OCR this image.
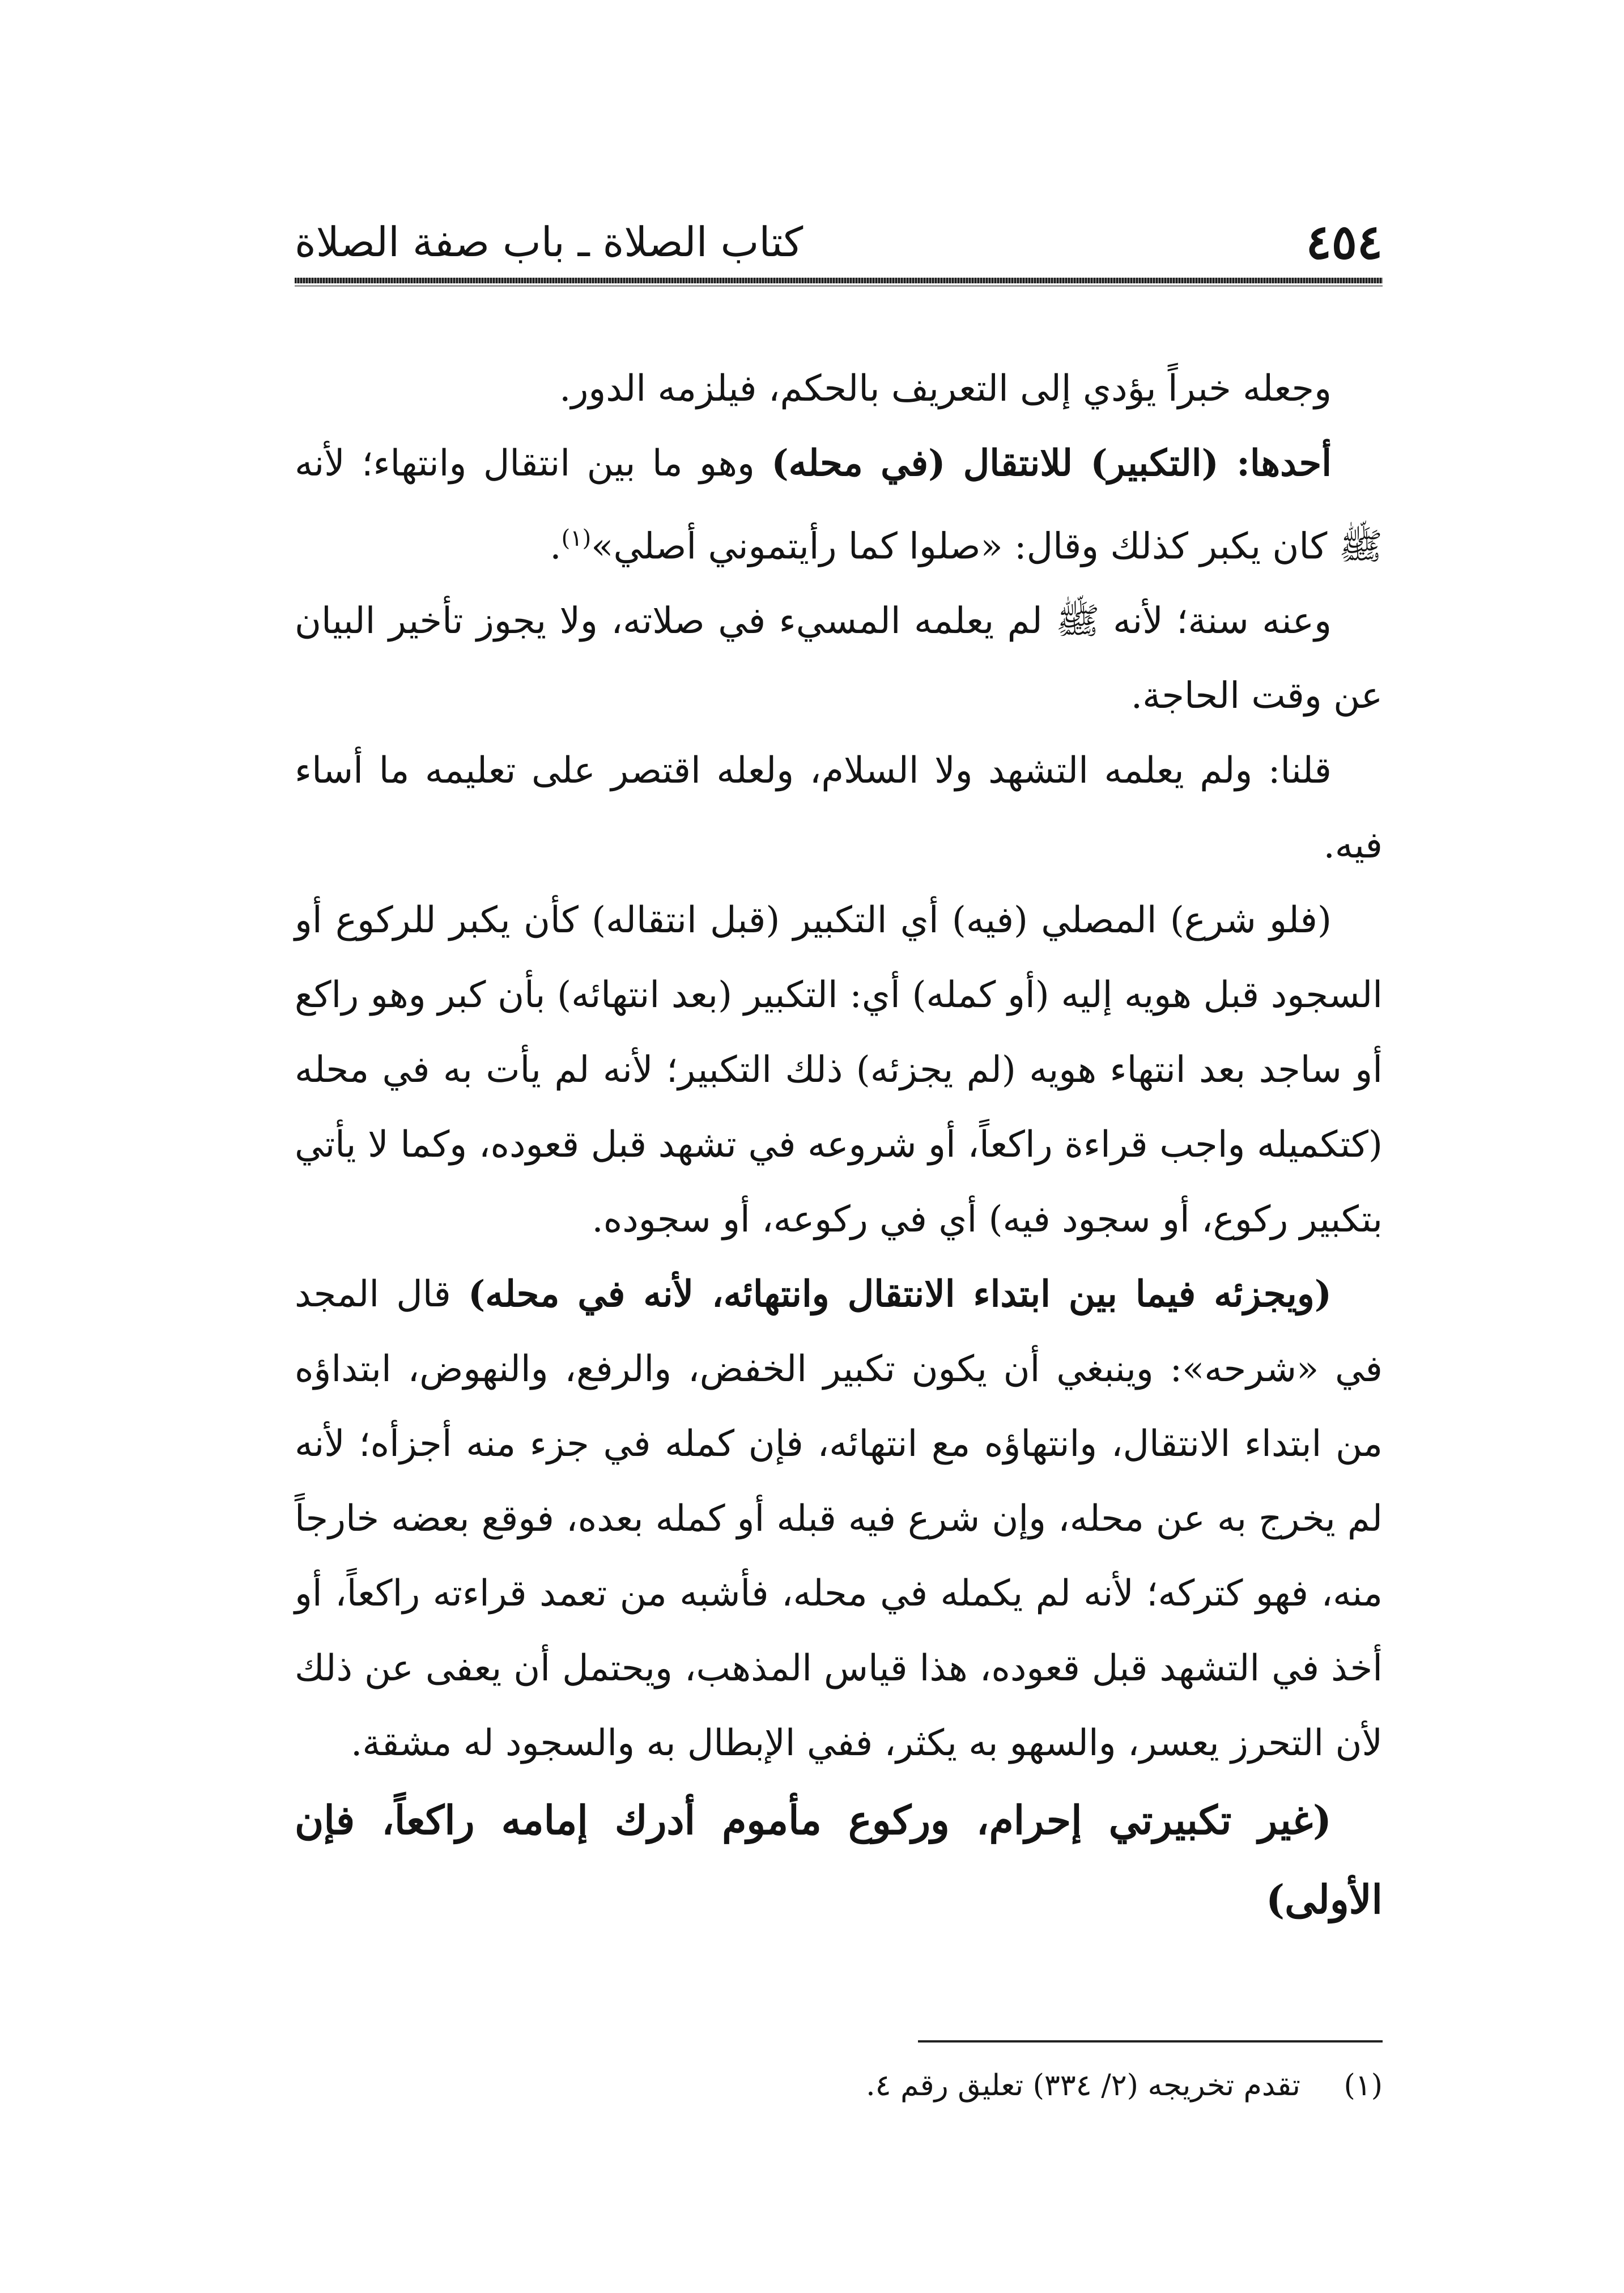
٤٥٤
كتاب الصلاة ـ باب صفة الصلاة

وجعله خبراً يؤدي إلى التعريف بالحكم، فيلزمه الدور.

أحدها: (التكبير) للانتقال (في محله) وهو ما بين انتقال وانتهاء؛ لأنه ﷺ كان يكبر كذلك وقال: «صلوا كما رأيتموني أصلي»$^{(١)}$.

وعنه سنة؛ لأنه ﷺ لم يعلمه المسيء في صلاته، ولا يجوز تأخير البيان عن وقت الحاجة.

قلنا: ولم يعلمه التشهد ولا السلام، ولعله اقتصر على تعليمه ما أساء فيه.

(فلو شرع) المصلي (فيه) أي التكبير (قبل انتقاله) كأن يكبر للركوع أو السجود قبل هويه إليه (أو كمله) أي: التكبير (بعد انتهائه) بأن كبر وهو راكع أو ساجد بعد انتهاء هويه (لم يجزئه) ذلك التكبير؛ لأنه لم يأت به في محله (كتكميله واجب قراءة راكعاً، أو شروعه في تشهد قبل قعوده، وكما لا يأتي بتكبير ركوع، أو سجود فيه) أي في ركوعه، أو سجوده.

(ويجزئه فيما بين ابتداء الانتقال وانتهائه، لأنه في محله) قال المجد في «شرحه»: وينبغي أن يكون تكبير الخفض، والرفع، والنهوض، ابتداؤه من ابتداء الانتقال، وانتهاؤه مع انتهائه، فإن كمله في جزء منه أجزأه؛ لأنه لم يخرج به عن محله، وإن شرع فيه قبله أو كمله بعده، فوقع بعضه خارجاً منه، فهو كتركه؛ لأنه لم يكمله في محله، فأشبه من تعمد قراءته راكعاً، أو أخذ في التشهد قبل قعوده، هذا قياس المذهب، ويحتمل أن يعفى عن ذلك لأن التحرز يعسر، والسهو به يكثر، ففي الإبطال به والسجود له مشقة.

(غير تكبيرتي إحرام، وركوع مأموم أدرك إمامه راكعاً، فإن الأولى)

(١) تقدم تخريجه (٢/ ٣٣٤) تعليق رقم ٤.
